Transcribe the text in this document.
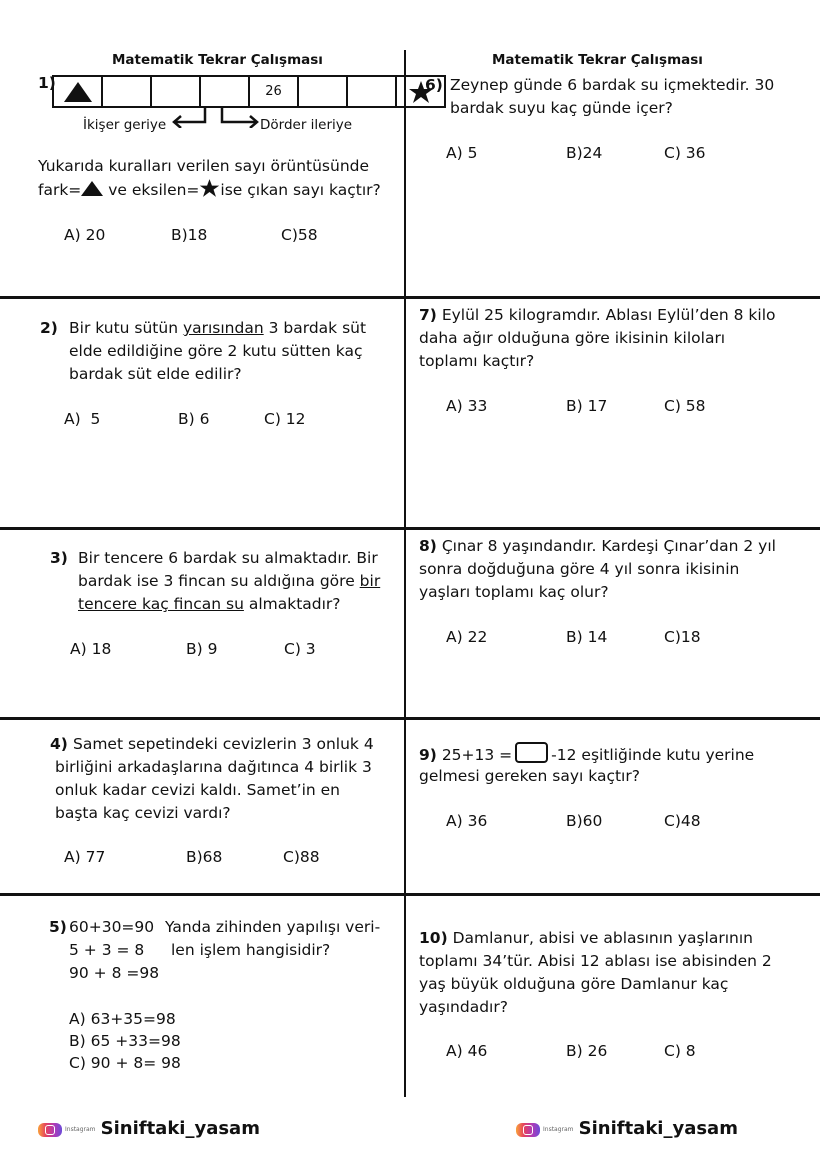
Matematik Tekrar Çalışması	Matematik Tekrar Çalışması
1)	26
İkişer geriye	Dörder ileriye
Yukarıda kuralları verilen sayı örüntüsünde
fark= ve eksilen= ise çıkan sayı kaçtır?
A) 20	B)18	C)58
2) Bir kutu sütün yarısından 3 bardak süt
elde edildiğine göre 2 kutu sütten kaç
bardak süt elde edilir?
A)  5	B) 6	C) 12
3) Bir tencere 6 bardak su almaktadır. Bir
bardak ise 3 fincan su aldığına göre bir
tencere kaç fincan su almaktadır?
A) 18	B) 9	C) 3
4) Samet sepetindeki cevizlerin 3 onluk 4
birliğini arkadaşlarına dağıtınca 4 birlik 3
onluk kadar cevizi kaldı. Samet’in en
başta kaç cevizi vardı?
A) 77	B)68	C)88
5) 60+30=90
5 + 3 = 8
90 + 8 =98
Yanda zihinden yapılışı veri-
len işlem hangisidir?
A) 63+35=98
B) 65 +33=98
C) 90 + 8= 98
6) Zeynep günde 6 bardak su içmektedir. 30
bardak suyu kaç günde içer?
A) 5	B)24	C) 36
7) Eylül 25 kilogramdır. Ablası Eylül’den 8 kilo
daha ağır olduğuna göre ikisinin kiloları
toplamı kaçtır?
A) 33	B) 17	C) 58
8) Çınar 8 yaşındandır. Kardeşi Çınar’dan 2 yıl
sonra doğduğuna göre 4 yıl sonra ikisinin
yaşları toplamı kaç olur?
A) 22	B) 14	C)18
9) 25+13 =	-12 eşitliğinde kutu yerine
gelmesi gereken sayı kaçtır?
A) 36	B)60	C)48
10) Damlanur, abisi ve ablasının yaşlarının
toplamı 34’tür. Abisi 12 ablası ise abisinden 2
yaş büyük olduğuna göre Damlanur kaç
yaşındadır?
A) 46	B) 26	C) 8
Instagram Siniftaki_yasam	Instagram Siniftaki_yasam
